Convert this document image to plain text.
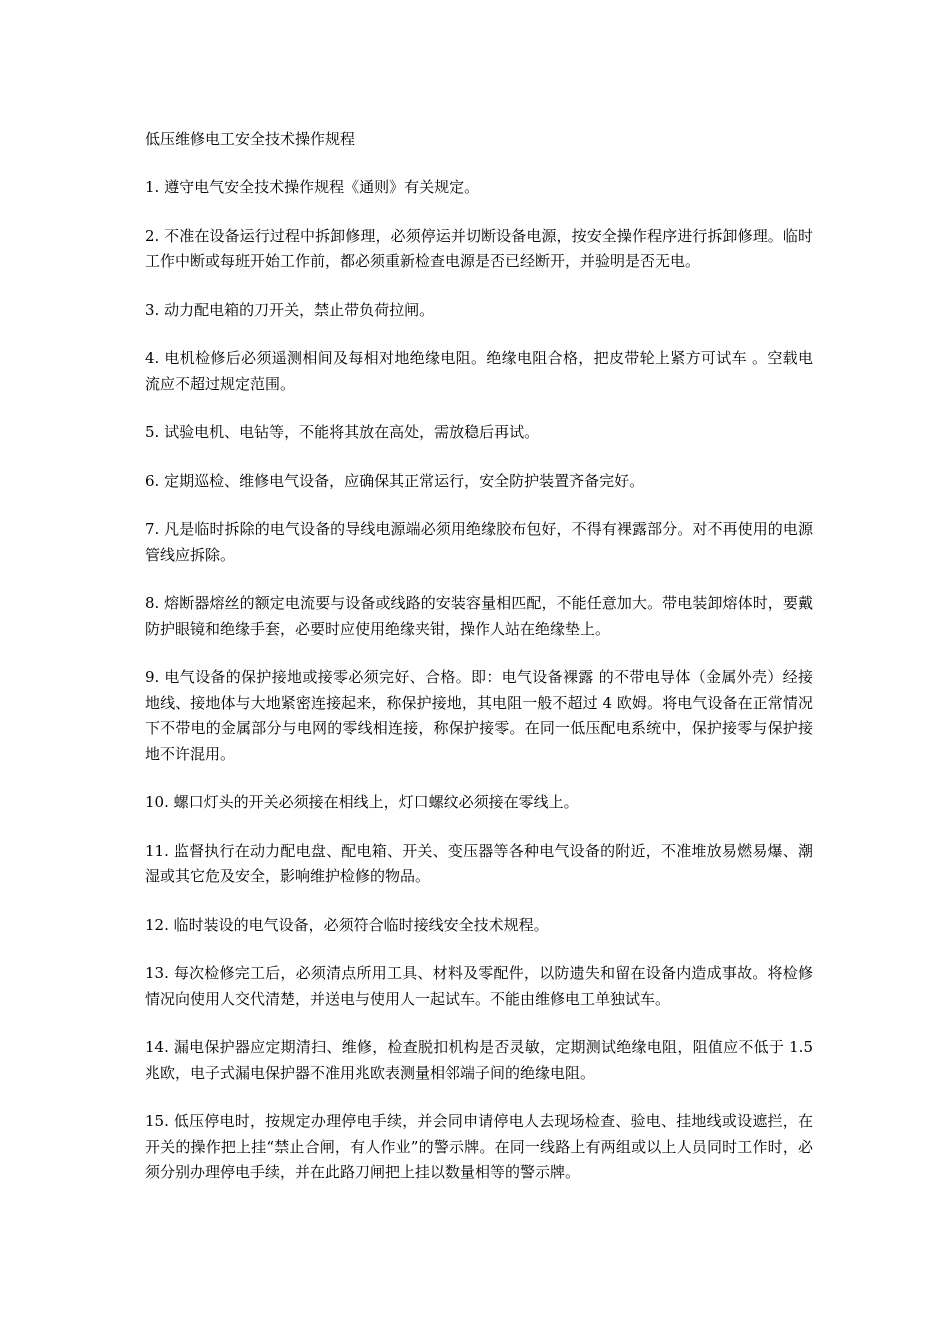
低压维修电工安全技术操作规程

1. 遵守电气安全技术操作规程《通则》有关规定。

2. 不准在设备运行过程中拆卸修理，必须停运并切断设备电源，按安全操作程序进行拆卸修理。临时工作中断或每班开始工作前，都必须重新检查电源是否已经断开，并验明是否无电。

3. 动力配电箱的刀开关，禁止带负荷拉闸。

4. 电机检修后必须遥测相间及每相对地绝缘电阻。绝缘电阻合格，把皮带轮上紧方可试车 。空载电流应不超过规定范围。

5. 试验电机、电钻等，不能将其放在高处，需放稳后再试。

6. 定期巡检、维修电气设备，应确保其正常运行，安全防护装置齐备完好。

7. 凡是临时拆除的电气设备的导线电源端必须用绝缘胶布包好，不得有裸露部分。对不再使用的电源管线应拆除。

8. 熔断器熔丝的额定电流要与设备或线路的安装容量相匹配，不能任意加大。带电装卸熔体时，要戴防护眼镜和绝缘手套，必要时应使用绝缘夹钳，操作人站在绝缘垫上。

9. 电气设备的保护接地或接零必须完好、合格。即：电气设备裸露 的不带电导体（金属外壳）经接地线、接地体与大地紧密连接起来，称保护接地，其电阻一般不超过 4 欧姆。将电气设备在正常情况下不带电的金属部分与电网的零线相连接，称保护接零。在同一低压配电系统中，保护接零与保护接地不许混用。

10. 螺口灯头的开关必须接在相线上，灯口螺纹必须接在零线上。

11. 监督执行在动力配电盘、配电箱、开关、变压器等各种电气设备的附近，不准堆放易燃易爆、潮湿或其它危及安全，影响维护检修的物品。

12. 临时装设的电气设备，必须符合临时接线安全技术规程。

13. 每次检修完工后，必须清点所用工具、材料及零配件，以防遗失和留在设备内造成事故。将检修情况向使用人交代清楚，并送电与使用人一起试车。不能由维修电工单独试车。

14. 漏电保护器应定期清扫、维修，检查脱扣机构是否灵敏，定期测试绝缘电阻，阻值应不低于 1.5 兆欧，电子式漏电保护器不准用兆欧表测量相邻端子间的绝缘电阻。

15. 低压停电时，按规定办理停电手续，并会同申请停电人去现场检查、验电、挂地线或设遮拦，在开关的操作把上挂“禁止合闸，有人作业”的警示牌。在同一线路上有两组或以上人员同时工作时，必须分别办理停电手续，并在此路刀闸把上挂以数量相等的警示牌。
